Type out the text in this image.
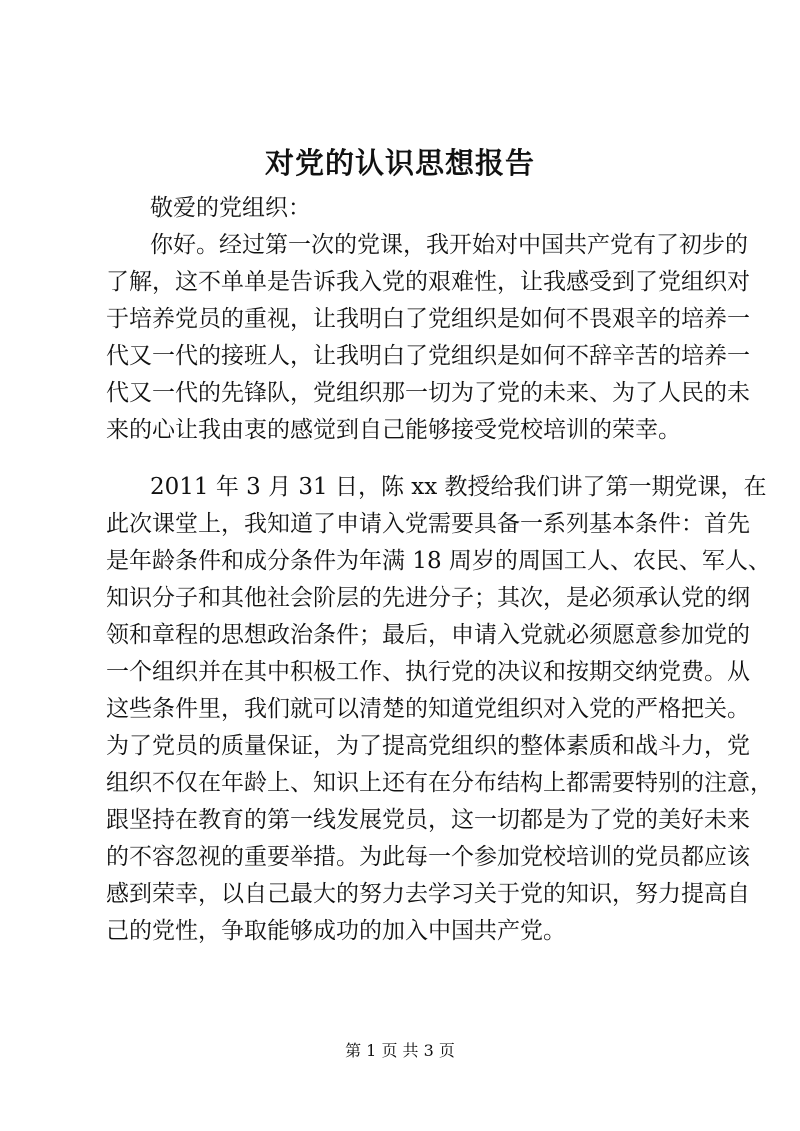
对党的认识思想报告
敬爱的党组织：
你好。经过第一次的党课，我开始对中国共产党有了初步的
了解，这不单单是告诉我入党的艰难性，让我感受到了党组织对
于培养党员的重视，让我明白了党组织是如何不畏艰辛的培养一
代又一代的接班人，让我明白了党组织是如何不辞辛苦的培养一
代又一代的先锋队，党组织那一切为了党的未来、为了人民的未
来的心让我由衷的感觉到自己能够接受党校培训的荣幸。
2011 年 3 月 31 日，陈 xx 教授给我们讲了第一期党课，在
此次课堂上，我知道了申请入党需要具备一系列基本条件：首先
是年龄条件和成分条件为年满 18 周岁的周国工人、农民、军人、
知识分子和其他社会阶层的先进分子；其次，是必须承认党的纲
领和章程的思想政治条件；最后，申请入党就必须愿意参加党的
一个组织并在其中积极工作、执行党的决议和按期交纳党费。从
这些条件里，我们就可以清楚的知道党组织对入党的严格把关。
为了党员的质量保证，为了提高党组织的整体素质和战斗力，党
组织不仅在年龄上、知识上还有在分布结构上都需要特别的注意，
跟坚持在教育的第一线发展党员，这一切都是为了党的美好未来
的不容忽视的重要举措。为此每一个参加党校培训的党员都应该
感到荣幸，以自己最大的努力去学习关于党的知识，努力提高自
己的党性，争取能够成功的加入中国共产党。
第 1 页 共 3 页
